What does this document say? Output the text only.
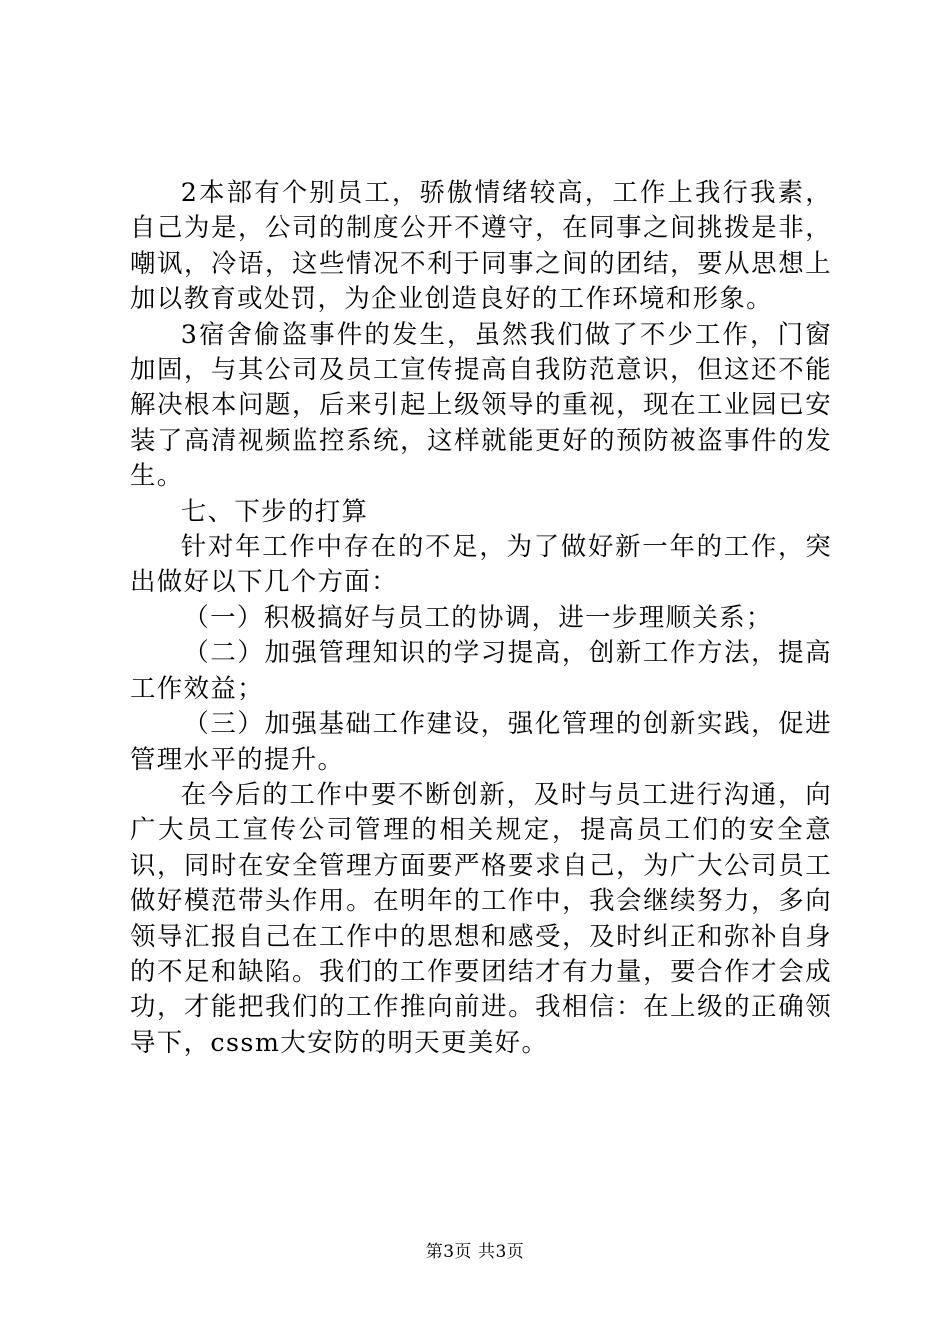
2本部有个别员工，骄傲情绪较高，工作上我行我素，自己为是，公司的制度公开不遵守，在同事之间挑拨是非，嘲讽，冷语，这些情况不利于同事之间的团结，要从思想上加以教育或处罚，为企业创造良好的工作环境和形象。

3宿舍偷盗事件的发生，虽然我们做了不少工作，门窗加固，与其公司及员工宣传提高自我防范意识，但这还不能解决根本问题，后来引起上级领导的重视，现在工业园已安装了高清视频监控系统，这样就能更好的预防被盗事件的发生。

七、下步的打算

针对年工作中存在的不足，为了做好新一年的工作，突出做好以下几个方面：

（一）积极搞好与员工的协调，进一步理顺关系；

（二）加强管理知识的学习提高，创新工作方法，提高工作效益；

（三）加强基础工作建设，强化管理的创新实践，促进管理水平的提升。

在今后的工作中要不断创新，及时与员工进行沟通，向广大员工宣传公司管理的相关规定，提高员工们的安全意识，同时在安全管理方面要严格要求自己，为广大公司员工做好模范带头作用。在明年的工作中，我会继续努力，多向领导汇报自己在工作中的思想和感受，及时纠正和弥补自身的不足和缺陷。我们的工作要团结才有力量，要合作才会成功，才能把我们的工作推向前进。我相信：在上级的正确领导下，cssm大安防的明天更美好。

第3页 共3页
